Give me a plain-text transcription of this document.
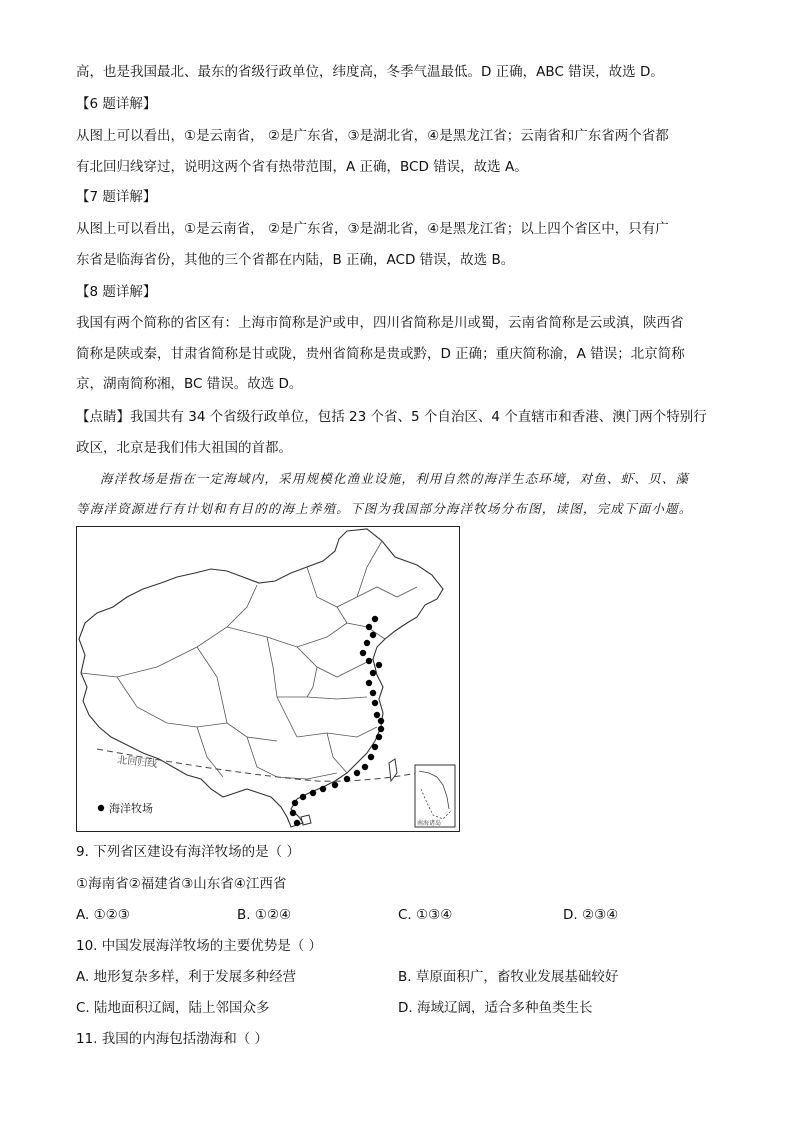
高，也是我国最北、最东的省级行政单位，纬度高，冬季气温最低。D 正确，ABC 错误，故选 D。
【6 题详解】
从图上可以看出，①是云南省， ②是广东省，③是湖北省，④是黑龙江省；云南省和广东省两个省都
有北回归线穿过，说明这两个省有热带范围，A 正确，BCD 错误，故选 A。
【7 题详解】
从图上可以看出，①是云南省， ②是广东省，③是湖北省，④是黑龙江省；以上四个省区中，只有广
东省是临海省份，其他的三个省都在内陆，B 正确，ACD 错误，故选 B。
【8 题详解】
我国有两个简称的省区有：上海市简称是沪或申，四川省简称是川或蜀，云南省简称是云或滇，陕西省
简称是陕或秦，甘肃省简称是甘或陇，贵州省简称是贵或黔，D 正确；重庆简称渝，A 错误；北京简称
京，湖南简称湘，BC 错误。故选 D。
【点睛】我国共有 34 个省级行政单位，包括 23 个省、5 个自治区、4 个直辖市和香港、澳门两个特别行
政区，北京是我们伟大祖国的首都。
海洋牧场是指在一定海域内，采用规模化渔业设施，利用自然的海洋生态环境，对鱼、虾、贝、藻
等海洋资源进行有计划和有目的的海上养殖。下图为我国部分海洋牧场分布图，读图，完成下面小题。
北回归线
海洋牧场
南海诸岛
9. 下列省区建设有海洋牧场的是（ ）
①海南省②福建省③山东省④江西省
A. ①②③	B. ①②④	C. ①③④	D. ②③④
10. 中国发展海洋牧场的主要优势是（ ）
A. 地形复杂多样，利于发展多种经营	B. 草原面积广，畜牧业发展基础较好
C. 陆地面积辽阔，陆上邻国众多	D. 海域辽阔，适合多种鱼类生长
11. 我国的内海包括渤海和（ ）
